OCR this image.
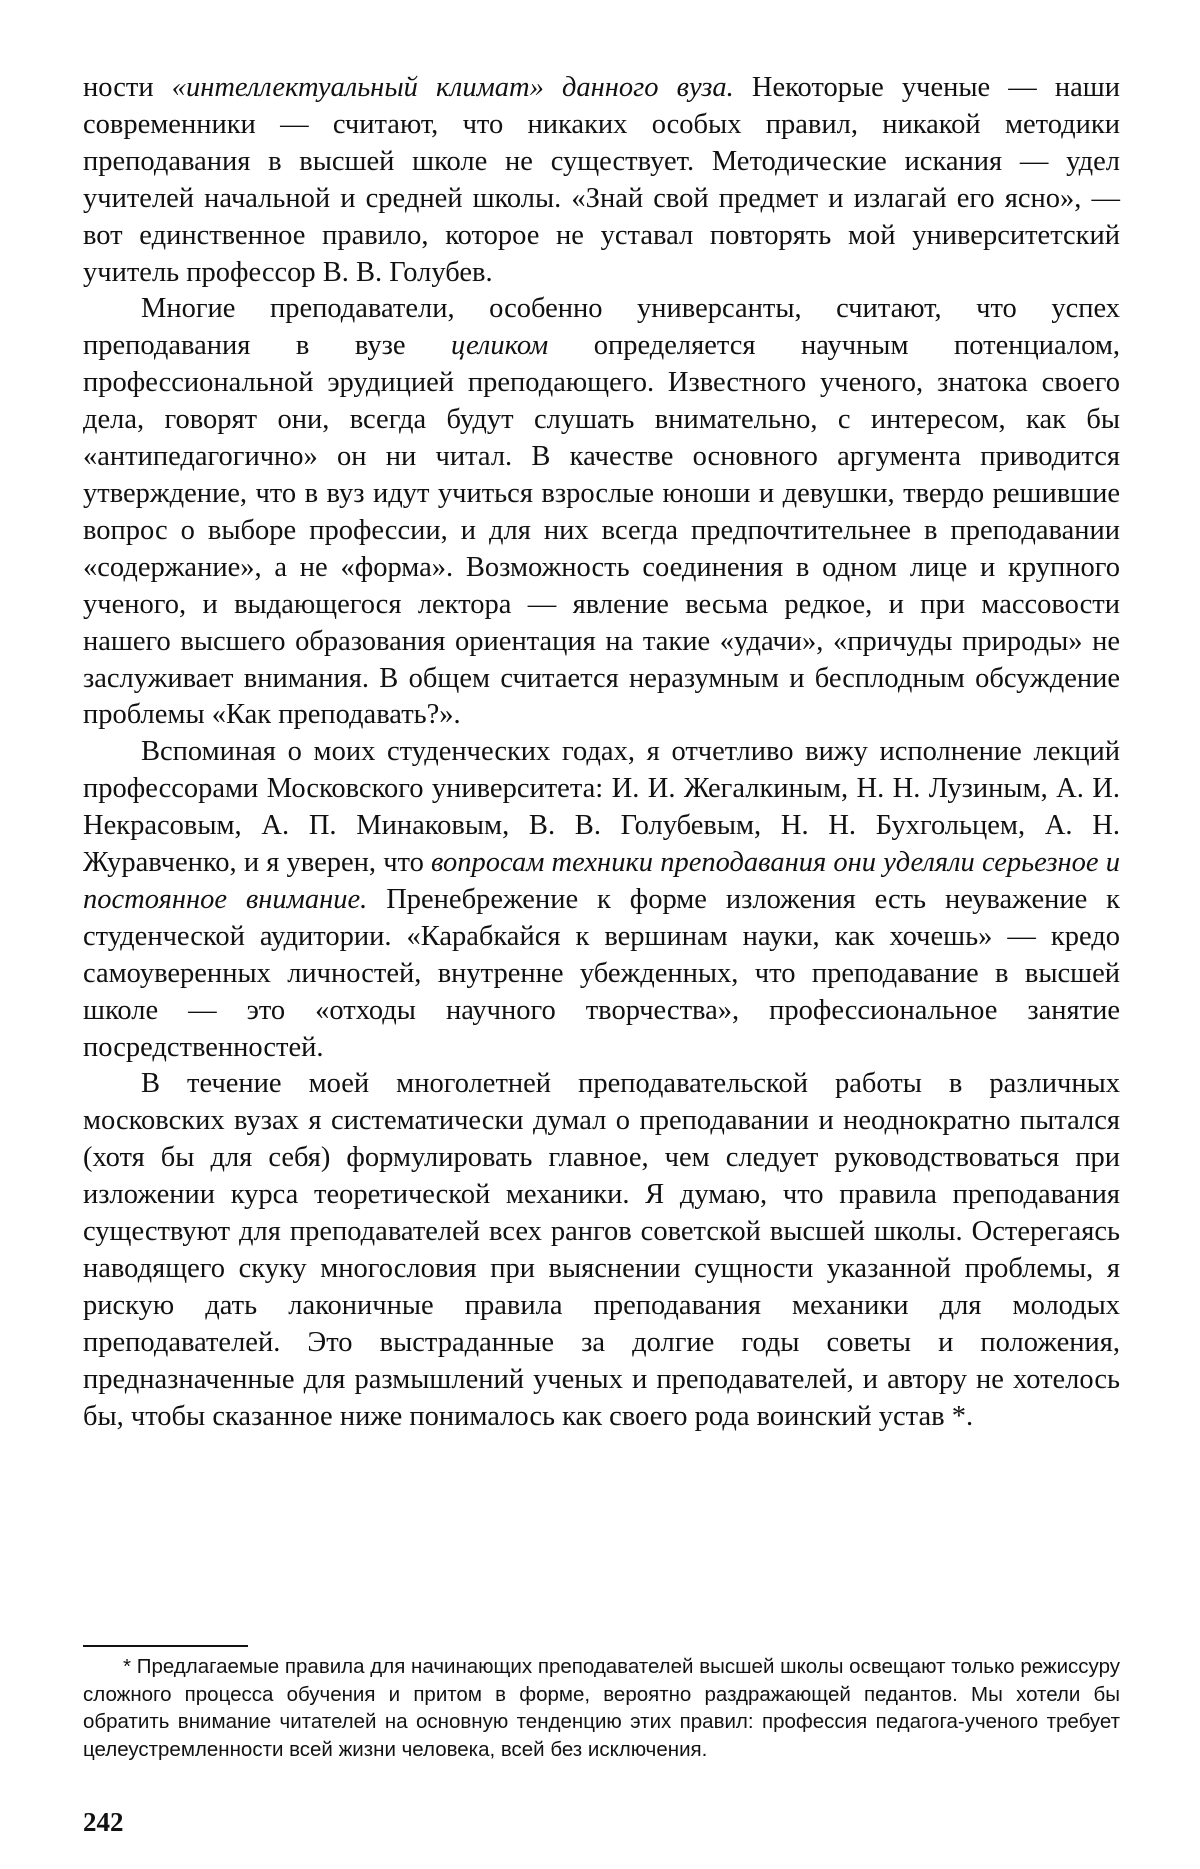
ности «интеллектуальный климат» данного вуза. Некоторые ученые — наши современники — считают, что никаких особых правил, никакой методики преподавания в высшей школе не существует. Методические искания — удел учителей начальной и средней школы. «Знай свой предмет и излагай его ясно», — вот единственное правило, которое не уставал повторять мой университетский учитель профессор В. В. Голубев.

Многие преподаватели, особенно универсанты, считают, что успех преподавания в вузе целиком определяется научным потенциалом, профессиональной эрудицией преподающего. Известного ученого, знатока своего дела, говорят они, всегда будут слушать внимательно, с интересом, как бы «антипедагогично» он ни читал. В качестве основного аргумента приводится утверждение, что в вуз идут учиться взрослые юноши и девушки, твердо решившие вопрос о выборе профессии, и для них всегда предпочтительнее в преподавании «содержание», а не «форма». Возможность соединения в одном лице и крупного ученого, и выдающегося лектора — явление весьма редкое, и при массовости нашего высшего образования ориентация на такие «удачи», «причуды природы» не заслуживает внимания. В общем считается неразумным и бесплодным обсуждение проблемы «Как преподавать?».

Вспоминая о моих студенческих годах, я отчетливо вижу исполнение лекций профессорами Московского университета: И. И. Жегалкиным, Н. Н. Лузиным, А. И. Некрасовым, А. П. Минаковым, В. В. Голубевым, Н. Н. Бухгольцем, А. Н. Журавченко, и я уверен, что вопросам техники преподавания они уделяли серьезное и постоянное внимание. Пренебрежение к форме изложения есть неуважение к студенческой аудитории. «Карабкайся к вершинам науки, как хочешь» — кредо самоуверенных личностей, внутренне убежденных, что преподавание в высшей школе — это «отходы научного творчества», профессиональное занятие посредственностей.

В течение моей многолетней преподавательской работы в различных московских вузах я систематически думал о преподавании и неоднократно пытался (хотя бы для себя) формулировать главное, чем следует руководствоваться при изложении курса теоретической механики. Я думаю, что правила преподавания существуют для преподавателей всех рангов советской высшей школы. Остерегаясь наводящего скуку многословия при выяснении сущности указанной проблемы, я рискую дать лаконичные правила преподавания механики для молодых преподавателей. Это выстраданные за долгие годы советы и положения, предназначенные для размышлений ученых и преподавателей, и автору не хотелось бы, чтобы сказанное ниже понималось как своего рода воинский устав *.

* Предлагаемые правила для начинающих преподавателей высшей школы освещают только режиссуру сложного процесса обучения и притом в форме, вероятно раздражающей педантов. Мы хотели бы обратить внимание читателей на основную тенденцию этих правил: профессия педагога-ученого требует целеустремленности всей жизни человека, всей без исключения.

242
